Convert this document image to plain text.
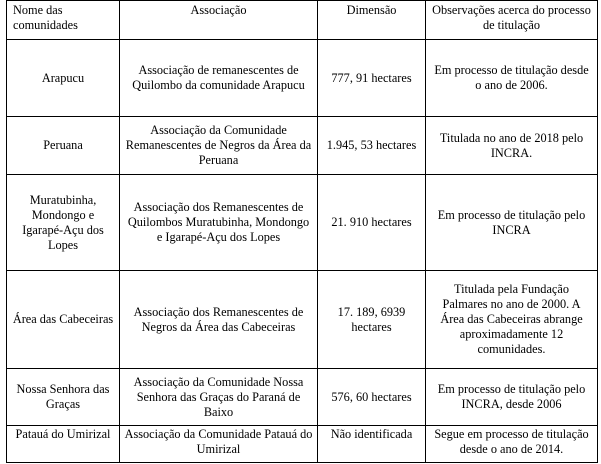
Nome das comunidades	Associação	Dimensão	Observações acerca do processo de titulação
Arapucu	Associação de remanescentes de Quilombo da comunidade Arapucu	777, 91 hectares	Em processo de titulação desde o ano de 2006.
Peruana	Associação da Comunidade Remanescentes de Negros da Área da Peruana	1.945, 53 hectares	Titulada no ano de 2018 pelo INCRA.
Muratubinha, Mondongo e Igarapé-Açu dos Lopes	Associação dos Remanescentes de Quilombos Muratubinha, Mondongo e Igarapé-Açu dos Lopes	21. 910 hectares	Em processo de titulação pelo INCRA
Área das Cabeceiras	Associação dos Remanescentes de Negros da Área das Cabeceiras	17. 189, 6939 hectares	Titulada pela Fundação Palmares no ano de 2000. A Área das Cabeceiras abrange aproximadamente 12 comunidades.
Nossa Senhora das Graças	Associação da Comunidade Nossa Senhora das Graças do Paraná de Baixo	576, 60 hectares	Em processo de titulação pelo INCRA, desde 2006
Patauá do Umirizal	Associação da Comunidade Patauá do Umirizal	Não identificada	Segue em processo de titulação desde o ano de 2014.
